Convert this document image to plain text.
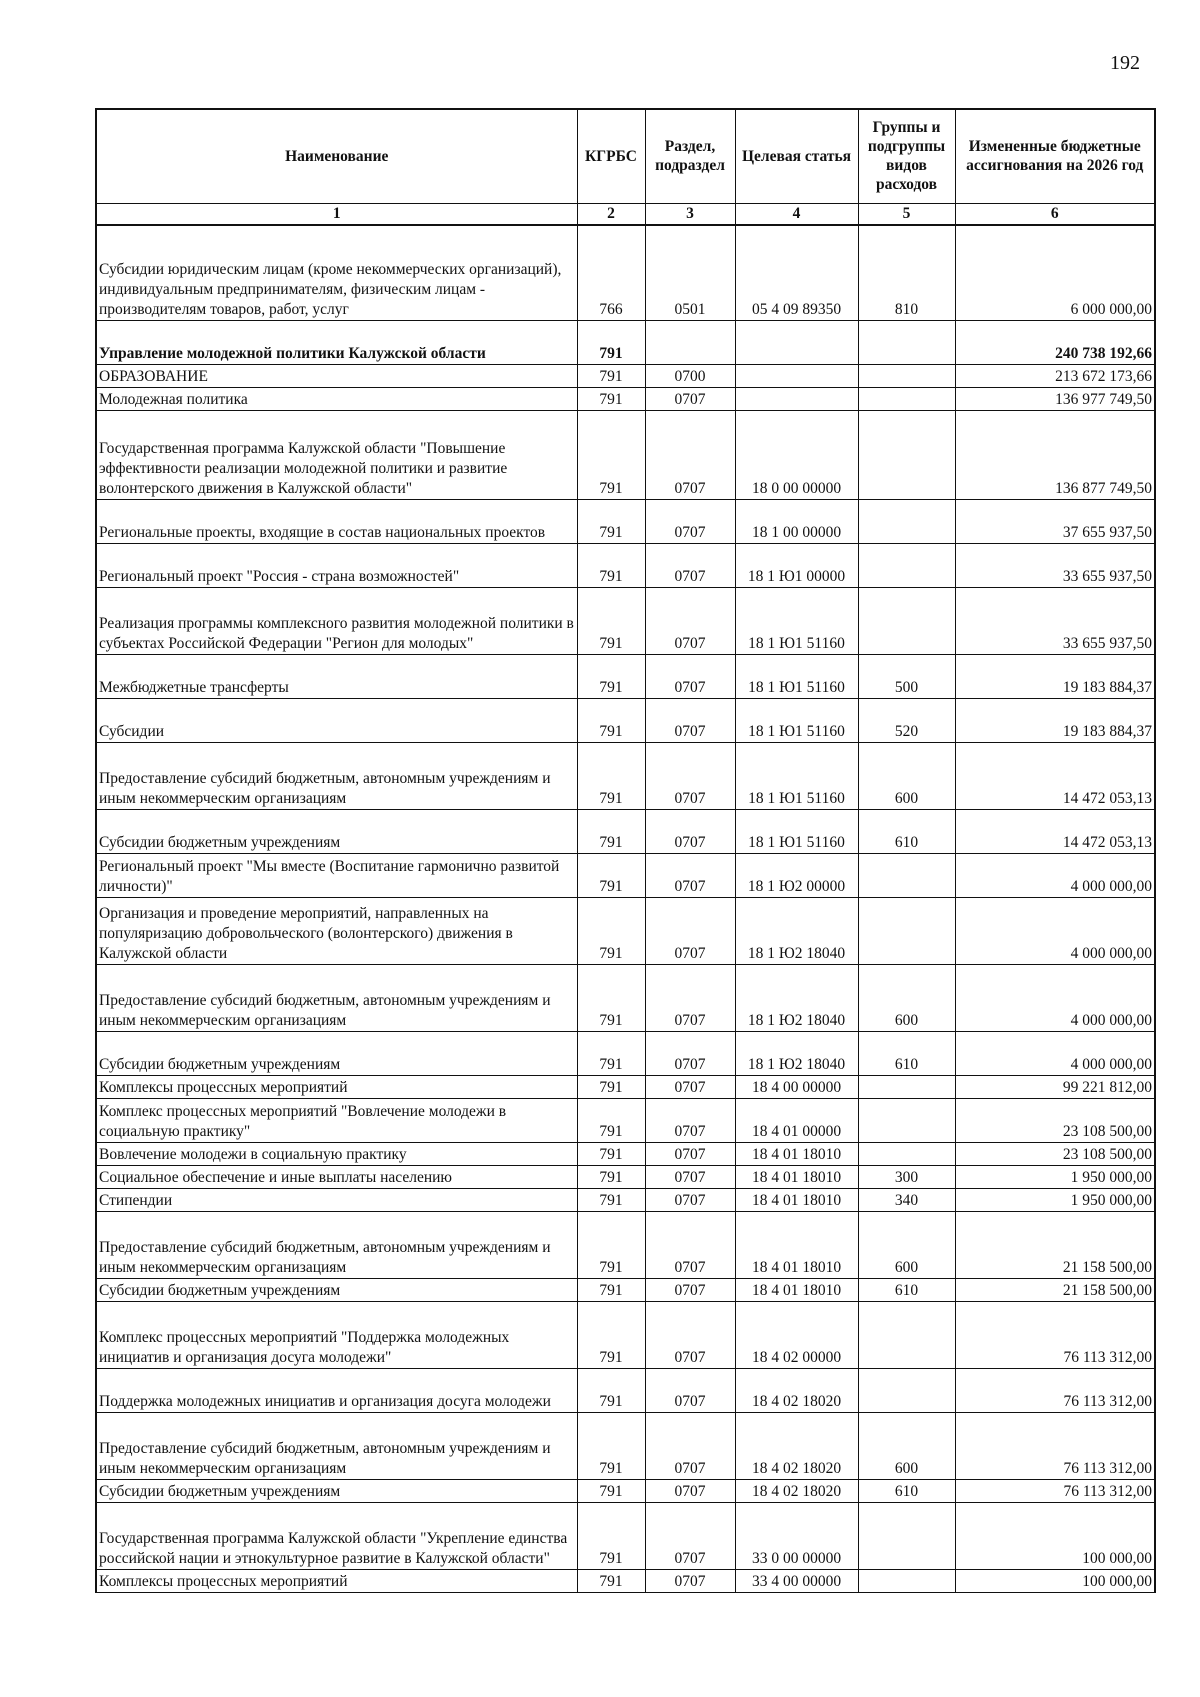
192
Наименование	КГРБС	Раздел, подраздел	Целевая статья	Группы и подгруппы видов расходов	Измененные бюджетные ассигнования на 2026 год
1	2	3	4	5	6
Субсидии юридическим лицам (кроме некоммерческих организаций), индивидуальным предпринимателям, физическим лицам - производителям товаров, работ, услуг	766	0501	05 4 09 89350	810	6 000 000,00
Управление молодежной политики Калужской области	791				240 738 192,66
ОБРАЗОВАНИЕ	791	0700			213 672 173,66
Молодежная политика	791	0707			136 977 749,50
Государственная программа Калужской области "Повышение эффективности реализации молодежной политики и развитие волонтерского движения в Калужской области"	791	0707	18 0 00 00000		136 877 749,50
Региональные проекты, входящие в состав национальных проектов	791	0707	18 1 00 00000		37 655 937,50
Региональный проект "Россия - страна возможностей"	791	0707	18 1 Ю1 00000		33 655 937,50
Реализация программы комплексного развития молодежной политики в субъектах Российской Федерации "Регион для молодых"	791	0707	18 1 Ю1 51160		33 655 937,50
Межбюджетные трансферты	791	0707	18 1 Ю1 51160	500	19 183 884,37
Субсидии	791	0707	18 1 Ю1 51160	520	19 183 884,37
Предоставление субсидий бюджетным, автономным учреждениям и иным некоммерческим организациям	791	0707	18 1 Ю1 51160	600	14 472 053,13
Субсидии бюджетным учреждениям	791	0707	18 1 Ю1 51160	610	14 472 053,13
Региональный проект "Мы вместе (Воспитание гармонично развитой личности)"	791	0707	18 1 Ю2 00000		4 000 000,00
Организация и проведение мероприятий, направленных на популяризацию добровольческого (волонтерского) движения в Калужской области	791	0707	18 1 Ю2 18040		4 000 000,00
Предоставление субсидий бюджетным, автономным учреждениям и иным некоммерческим организациям	791	0707	18 1 Ю2 18040	600	4 000 000,00
Субсидии бюджетным учреждениям	791	0707	18 1 Ю2 18040	610	4 000 000,00
Комплексы процессных мероприятий	791	0707	18 4 00 00000		99 221 812,00
Комплекс процессных мероприятий "Вовлечение молодежи в социальную практику"	791	0707	18 4 01 00000		23 108 500,00
Вовлечение молодежи в социальную практику	791	0707	18 4 01 18010		23 108 500,00
Социальное обеспечение и иные выплаты населению	791	0707	18 4 01 18010	300	1 950 000,00
Стипендии	791	0707	18 4 01 18010	340	1 950 000,00
Предоставление субсидий бюджетным, автономным учреждениям и иным некоммерческим организациям	791	0707	18 4 01 18010	600	21 158 500,00
Субсидии бюджетным учреждениям	791	0707	18 4 01 18010	610	21 158 500,00
Комплекс процессных мероприятий "Поддержка молодежных инициатив и организация досуга молодежи"	791	0707	18 4 02 00000		76 113 312,00
Поддержка молодежных инициатив и организация досуга молодежи	791	0707	18 4 02 18020		76 113 312,00
Предоставление субсидий бюджетным, автономным учреждениям и иным некоммерческим организациям	791	0707	18 4 02 18020	600	76 113 312,00
Субсидии бюджетным учреждениям	791	0707	18 4 02 18020	610	76 113 312,00
Государственная программа Калужской области "Укрепление единства российской нации и этнокультурное развитие в Калужской области"	791	0707	33 0 00 00000		100 000,00
Комплексы процессных мероприятий	791	0707	33 4 00 00000		100 000,00
